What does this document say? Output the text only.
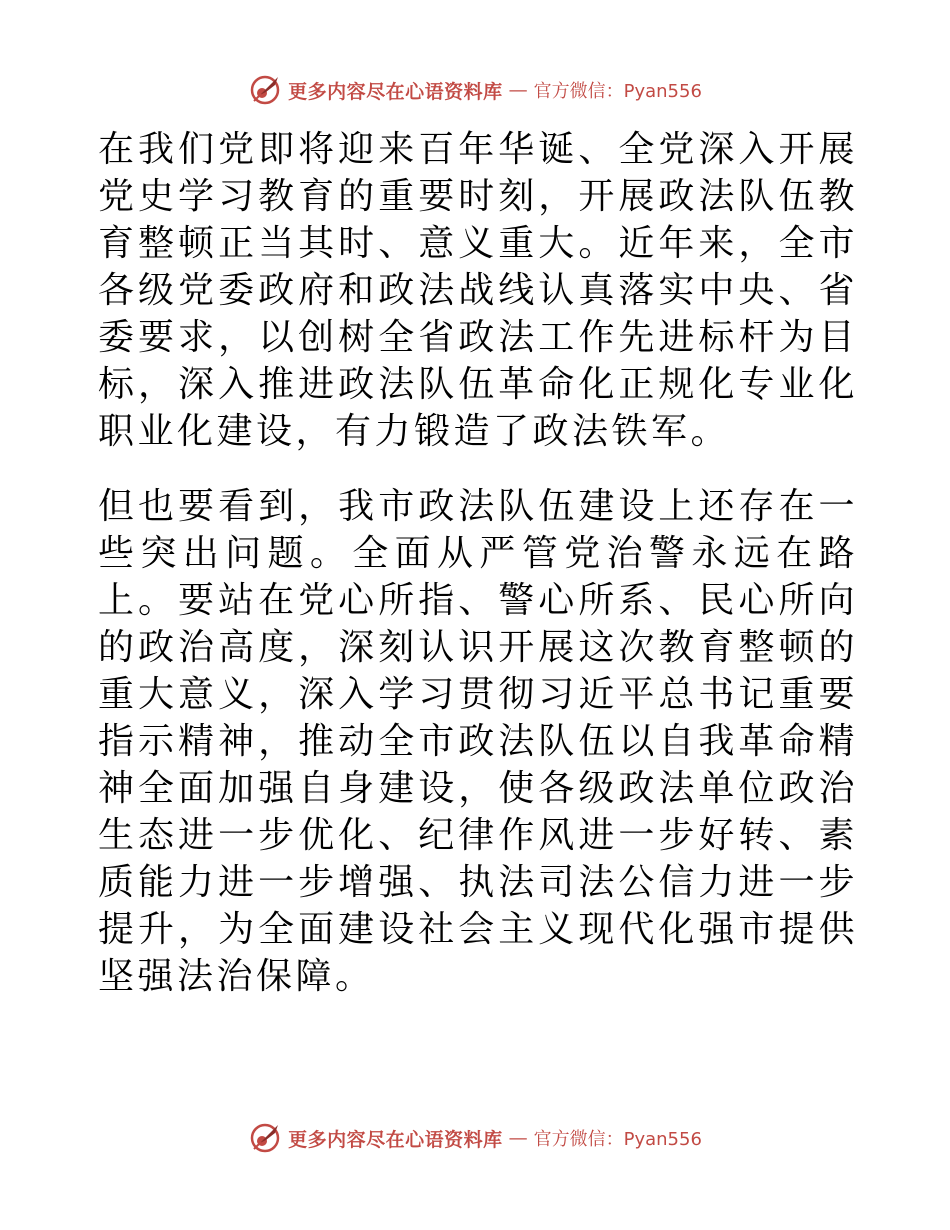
更多内容尽在心语资料库 — 官方微信：Pyan556

在我们党即将迎来百年华诞、全党深入开展党史学习教育的重要时刻，开展政法队伍教育整顿正当其时、意义重大。近年来，全市各级党委政府和政法战线认真落实中央、省委要求，以创树全省政法工作先进标杆为目标，深入推进政法队伍革命化正规化专业化职业化建设，有力锻造了政法铁军。

但也要看到，我市政法队伍建设上还存在一些突出问题。全面从严管党治警永远在路上。要站在党心所指、警心所系、民心所向的政治高度，深刻认识开展这次教育整顿的重大意义，深入学习贯彻习近平总书记重要指示精神，推动全市政法队伍以自我革命精神全面加强自身建设，使各级政法单位政治生态进一步优化、纪律作风进一步好转、素质能力进一步增强、执法司法公信力进一步提升，为全面建设社会主义现代化强市提供坚强法治保障。

更多内容尽在心语资料库 — 官方微信：Pyan556
